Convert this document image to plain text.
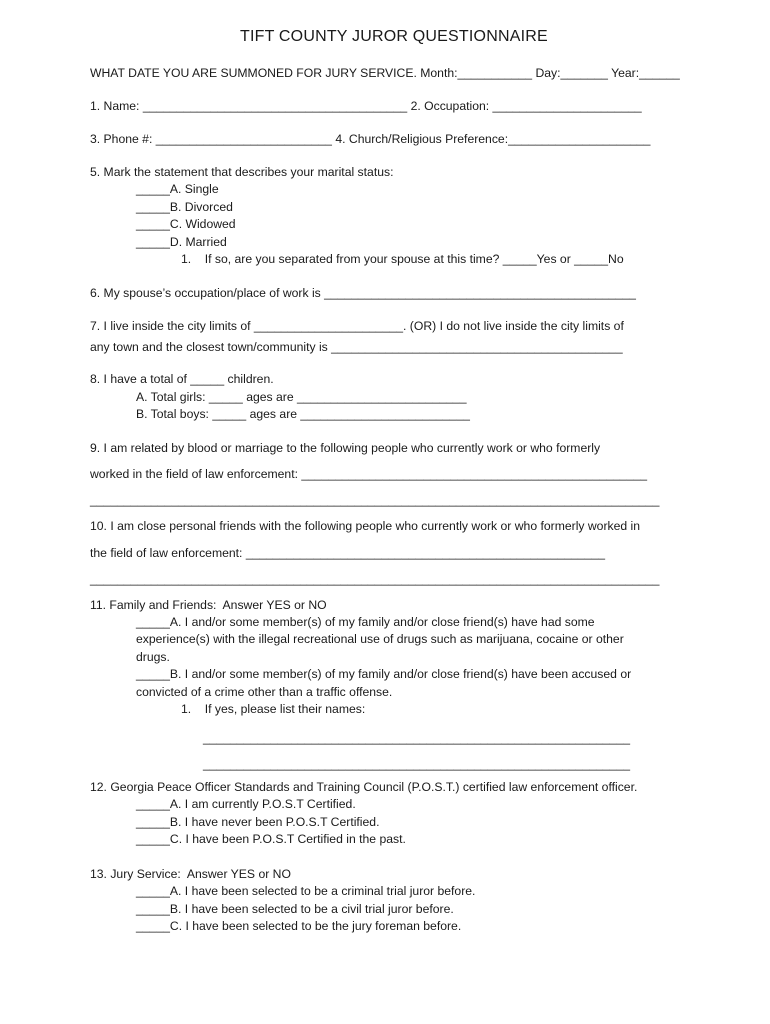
TIFT COUNTY JUROR QUESTIONNAIRE
WHAT DATE YOU ARE SUMMONED FOR JURY SERVICE. Month:___________ Day:_______ Year:______
1. Name: _______________________________________ 2. Occupation: ______________________
3. Phone #: __________________________ 4. Church/Religious Preference:_____________________
5. Mark the statement that describes your marital status:
_____A. Single
_____B. Divorced
_____C. Widowed
_____D. Married
1.    If so, are you separated from your spouse at this time? _____Yes or _____No
6. My spouse’s occupation/place of work is ______________________________________________
7. I live inside the city limits of ______________________. (OR) I do not live inside the city limits of
any town and the closest town/community is ___________________________________________
8. I have a total of _____ children.
A. Total girls: _____ ages are _________________________
B. Total boys: _____ ages are _________________________
9. I am related by blood or marriage to the following people who currently work or who formerly
worked in the field of law enforcement: ___________________________________________________
____________________________________________________________________________________
10. I am close personal friends with the following people who currently work or who formerly worked in
the field of law enforcement: _____________________________________________________
____________________________________________________________________________________
11. Family and Friends:  Answer YES or NO
_____A. I and/or some member(s) of my family and/or close friend(s) have had some
experience(s) with the illegal recreational use of drugs such as marijuana, cocaine or other
drugs.
_____B. I and/or some member(s) of my family and/or close friend(s) have been accused or
convicted of a crime other than a traffic offense.
1.    If yes, please list their names:
_______________________________________________________________
_______________________________________________________________
12. Georgia Peace Officer Standards and Training Council (P.O.S.T.) certified law enforcement officer.
_____A. I am currently P.O.S.T Certified.
_____B. I have never been P.O.S.T Certified.
_____C. I have been P.O.S.T Certified in the past.
13. Jury Service:  Answer YES or NO
_____A. I have been selected to be a criminal trial juror before.
_____B. I have been selected to be a civil trial juror before.
_____C. I have been selected to be the jury foreman before.
